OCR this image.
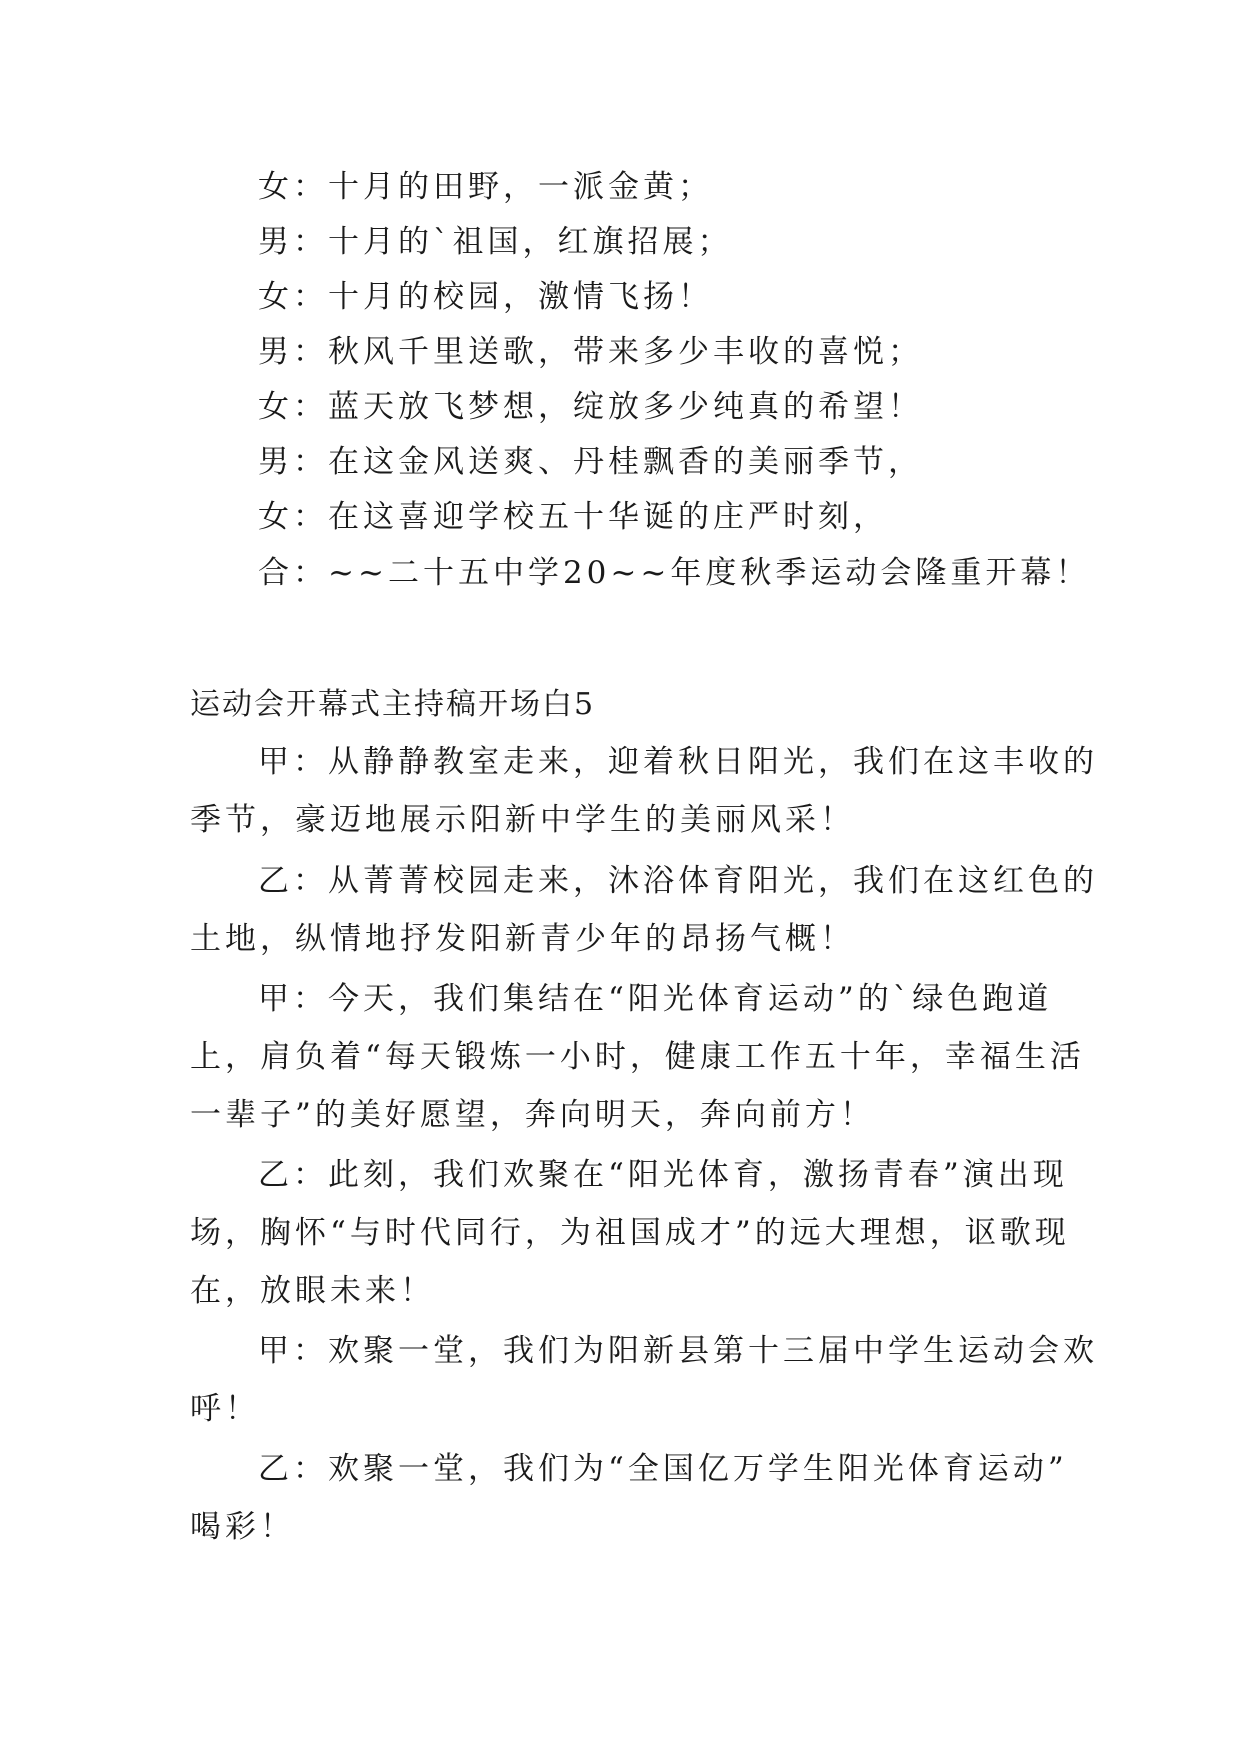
女：十月的田野，一派金黄；
男：十月的`祖国，红旗招展；
女：十月的校园，激情飞扬！
男：秋风千里送歌，带来多少丰收的喜悦；
女：蓝天放飞梦想，绽放多少纯真的希望！
男：在这金风送爽、丹桂飘香的美丽季节，
女：在这喜迎学校五十华诞的庄严时刻，
合：~~二十五中学20~~年度秋季运动会隆重开幕！
运动会开幕式主持稿开场白5
甲：从静静教室走来，迎着秋日阳光，我们在这丰收的
季节，豪迈地展示阳新中学生的美丽风采！
乙：从菁菁校园走来，沐浴体育阳光，我们在这红色的
土地，纵情地抒发阳新青少年的昂扬气概！
甲：今天，我们集结在“阳光体育运动”的`绿色跑道
上，肩负着“每天锻炼一小时，健康工作五十年，幸福生活
一辈子”的美好愿望，奔向明天，奔向前方！
乙：此刻，我们欢聚在“阳光体育，激扬青春”演出现
场，胸怀“与时代同行，为祖国成才”的远大理想，讴歌现
在，放眼未来！
甲：欢聚一堂，我们为阳新县第十三届中学生运动会欢
呼！
乙：欢聚一堂，我们为“全国亿万学生阳光体育运动”
喝彩！
